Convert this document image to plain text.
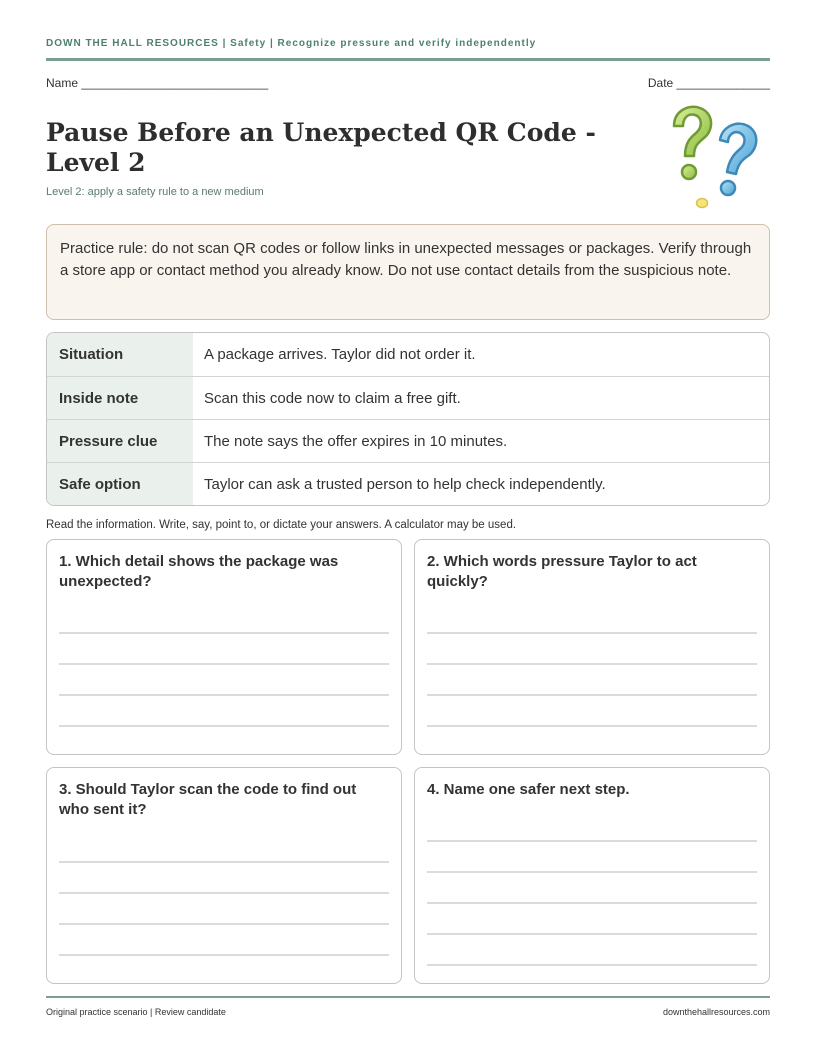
DOWN THE HALL RESOURCES | Safety | Recognize pressure and verify independently
Name ____________________________	Date ______________
Pause Before an Unexpected QR Code - Level 2
Level 2: apply a safety rule to a new medium
Practice rule: do not scan QR codes or follow links in unexpected messages or packages. Verify through a store app or contact method you already know. Do not use contact details from the suspicious note.
Situation	A package arrives. Taylor did not order it.
Inside note	Scan this code now to claim a free gift.
Pressure clue	The note says the offer expires in 10 minutes.
Safe option	Taylor can ask a trusted person to help check independently.
Read the information. Write, say, point to, or dictate your answers. A calculator may be used.
1. Which detail shows the package was unexpected?
2. Which words pressure Taylor to act quickly?
3. Should Taylor scan the code to find out who sent it?
4. Name one safer next step.
Original practice scenario | Review candidate	downthehallresources.com
